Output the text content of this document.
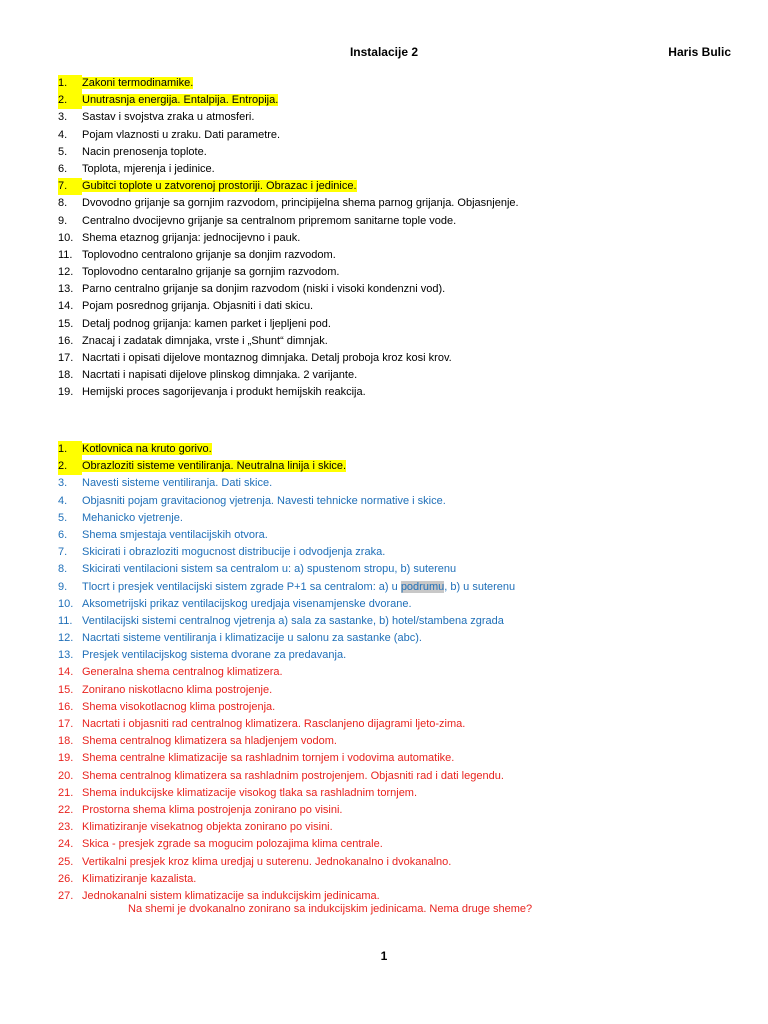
Instalacije 2	Haris Bulic
1. Zakoni termodinamike.
2. Unutrasnja energija. Entalpija. Entropija.
3. Sastav i svojstva zraka u atmosferi.
4. Pojam vlaznosti u zraku. Dati parametre.
5. Nacin prenosenja toplote.
6. Toplota, mjerenja i jedinice.
7. Gubitci toplote u zatvorenoj prostoriji. Obrazac i jedinice.
8. Dvovodno grijanje sa gornjim razvodom, principijelna shema parnog grijanja. Objasnjenje.
9. Centralno dvocijevno grijanje sa centralnom pripremom sanitarne tople vode.
10. Shema etaznog grijanja: jednocijevno i pauk.
11. Toplovodno centralono grijanje sa donjim razvodom.
12. Toplovodno centaralno grijanje sa gornjim razvodom.
13. Parno centralno grijanje sa donjim razvodom (niski i visoki kondenzni vod).
14. Pojam posrednog grijanja. Objasniti i dati skicu.
15. Detalj podnog grijanja: kamen parket i ljepljeni pod.
16. Znacaj i zadatak dimnjaka, vrste i „Shunt“ dimnjak.
17. Nacrtati i opisati dijelove montaznog dimnjaka. Detalj proboja kroz kosi krov.
18. Nacrtati i napisati dijelove plinskog dimnjaka. 2 varijante.
19. Hemijski proces sagorijevanja i produkt hemijskih reakcija.
1. Kotlovnica na kruto gorivo.
2. Obrazloziti sisteme ventiliranja. Neutralna linija i skice.
3. Navesti sisteme ventiliranja. Dati skice.
4. Objasniti pojam gravitacionog vjetrenja. Navesti tehnicke normative i skice.
5. Mehanicko vjetrenje.
6. Shema smjestaja ventilacijskih otvora.
7. Skicirati i obrazloziti mogucnost distribucije i odvodjenja zraka.
8. Skicirati ventilacioni sistem sa centralom u: a) spustenom stropu, b) suterenu
9. Tlocrt i presjek ventilacijski sistem zgrade P+1 sa centralom: a) u podrumu, b) u suterenu
10. Aksometrijski prikaz ventilacijskog uredjaja visenamjenske dvorane.
11. Ventilacijski sistemi centralnog vjetrenja a) sala za sastanke, b) hotel/stambena zgrada
12. Nacrtati sisteme ventiliranja i klimatizacije u salonu za sastanke (abc).
13. Presjek ventilacijskog sistema dvorane za predavanja.
14. Generalna shema centralnog klimatizera.
15. Zonirano niskotlacno klima postrojenje.
16. Shema visokotlacnog klima postrojenja.
17. Nacrtati i objasniti rad centralnog klimatizera. Rasclanjeno dijagrami ljeto-zima.
18. Shema centralnog klimatizera sa hladjenjem vodom.
19. Shema centralne klimatizacije sa rashladnim tornjem i vodovima automatike.
20. Shema centralnog klimatizera sa rashladnim postrojenjem. Objasniti rad i dati legendu.
21. Shema indukcijske klimatizacije visokog tlaka sa rashladnim tornjem.
22. Prostorna shema klima postrojenja zonirano po visini.
23. Klimatiziranje visekatnog objekta zonirano po visini.
24. Skica - presjek zgrade sa mogucim polozajima klima centrale.
25. Vertikalni presjek kroz klima uredjaj u suterenu. Jednokanalno i dvokanalno.
26. Klimatiziranje kazalista.
27. Jednokanalni sistem klimatizacije sa indukcijskim jedinicama.
Na shemi je dvokanalno zonirano sa indukcijskim jedinicama. Nema druge sheme?
1
